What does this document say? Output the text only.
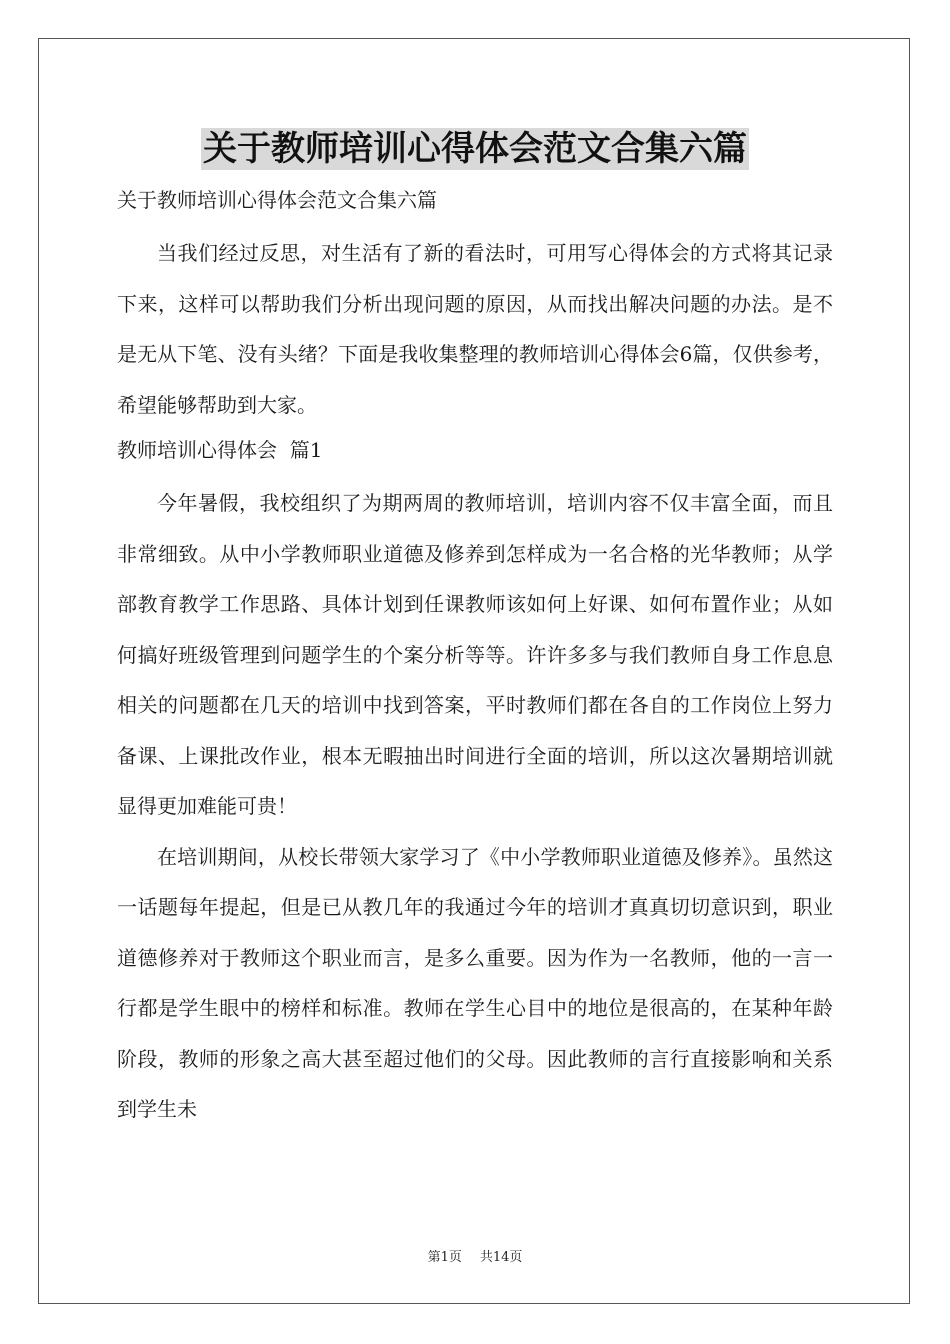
关于教师培训心得体会范文合集六篇
关于教师培训心得体会范文合集六篇

当我们经过反思，对生活有了新的看法时，可用写心得体会的方式将其记录下来，这样可以帮助我们分析出现问题的原因，从而找出解决问题的办法。是不是无从下笔、没有头绪？下面是我收集整理的教师培训心得体会6篇，仅供参考，希望能够帮助到大家。

教师培训心得体会  篇1

今年暑假，我校组织了为期两周的教师培训，培训内容不仅丰富全面，而且非常细致。从中小学教师职业道德及修养到怎样成为一名合格的光华教师；从学部教育教学工作思路、具体计划到任课教师该如何上好课、如何布置作业；从如何搞好班级管理到问题学生的个案分析等等。许许多多与我们教师自身工作息息相关的问题都在几天的培训中找到答案，平时教师们都在各自的工作岗位上努力备课、上课批改作业，根本无暇抽出时间进行全面的培训，所以这次暑期培训就显得更加难能可贵！

在培训期间，从校长带领大家学习了《中小学教师职业道德及修养》。虽然这一话题每年提起，但是已从教几年的我通过今年的培训才真真切切意识到，职业道德修养对于教师这个职业而言，是多么重要。因为作为一名教师，他的一言一行都是学生眼中的榜样和标准。教师在学生心目中的地位是很高的，在某种年龄阶段，教师的形象之高大甚至超过他们的父母。因此教师的言行直接影响和关系到学生未

第1页 共14页
